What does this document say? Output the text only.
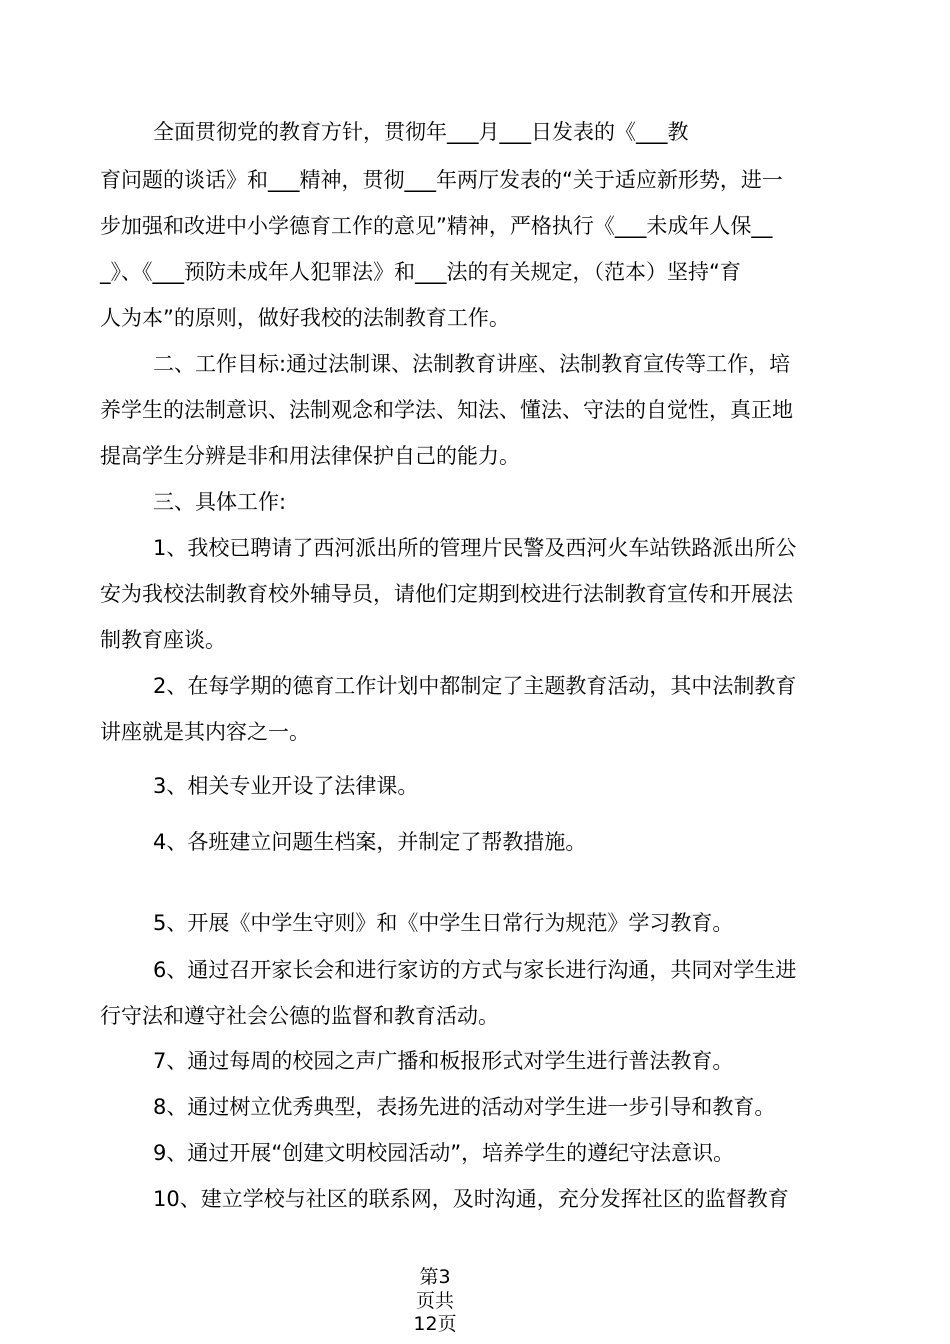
全面贯彻党的教育方针，贯彻年___月___日发表的《___教
育问题的谈话》和___精神，贯彻___年两厅发表的“关于适应新形势，进一
步加强和改进中小学德育工作的意见”精神，严格执行《___未成年人保__
_》、《___预防未成年人犯罪法》和___法的有关规定，（范本）坚持“育
人为本”的原则，做好我校的法制教育工作。
二、工作目标:通过法制课、法制教育讲座、法制教育宣传等工作，培
养学生的法制意识、法制观念和学法、知法、懂法、守法的自觉性，真正地
提高学生分辨是非和用法律保护自己的能力。
三、具体工作:
1、我校已聘请了西河派出所的管理片民警及西河火车站铁路派出所公
安为我校法制教育校外辅导员，请他们定期到校进行法制教育宣传和开展法
制教育座谈。
2、在每学期的德育工作计划中都制定了主题教育活动，其中法制教育
讲座就是其内容之一。
3、相关专业开设了法律课。
4、各班建立问题生档案，并制定了帮教措施。
5、开展《中学生守则》和《中学生日常行为规范》学习教育。
6、通过召开家长会和进行家访的方式与家长进行沟通，共同对学生进
行守法和遵守社会公德的监督和教育活动。
7、通过每周的校园之声广播和板报形式对学生进行普法教育。
8、通过树立优秀典型，表扬先进的活动对学生进一步引导和教育。
9、通过开展“创建文明校园活动”，培养学生的遵纪守法意识。
10、建立学校与社区的联系网，及时沟通，充分发挥社区的监督教育
第3
页共
12页
